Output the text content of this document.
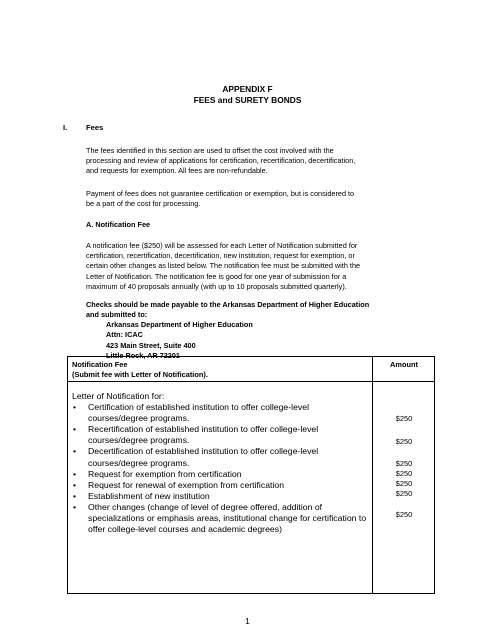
APPENDIX F
FEES and SURETY BONDS
I. Fees
The fees identified in this section are used to offset the cost involved with the
processing and review of applications for certification, recertification, decertification,
and requests for exemption. All fees are non-refundable.
Payment of fees does not guarantee certification or exemption, but is considered to
be a part of the cost for processing.
A. Notification Fee
A notification fee ($250) will be assessed for each Letter of Notification submitted for
certification, recertification, decertification, new institution, request for exemption, or
certain other changes as listed below. The notification fee must be submitted with the
Letter of Notification. The notification fee is good for one year of submission for a
maximum of 40 proposals annually (with up to 10 proposals submitted quarterly).
Checks should be made payable to the Arkansas Department of Higher Education
and submitted to:
Arkansas Department of Higher Education
Attn: ICAC
423 Main Street, Suite 400
Little Rock, AR 72201
Notification Fee
(Submit fee with Letter of Notification).
Amount
Letter of Notification for:
• Certification of established institution to offer college-level courses/degree programs.
• Recertification of established institution to offer college-level courses/degree programs.
• Decertification of established institution to offer college-level courses/degree programs.
• Request for exemption from certification
• Request for renewal of exemption from certification
• Establishment of new institution
• Other changes (change of level of degree offered, addition of specializations or emphasis areas, institutional change for certification to offer college-level courses and academic degrees)
$250
$250
$250
$250
$250
$250
$250
1
